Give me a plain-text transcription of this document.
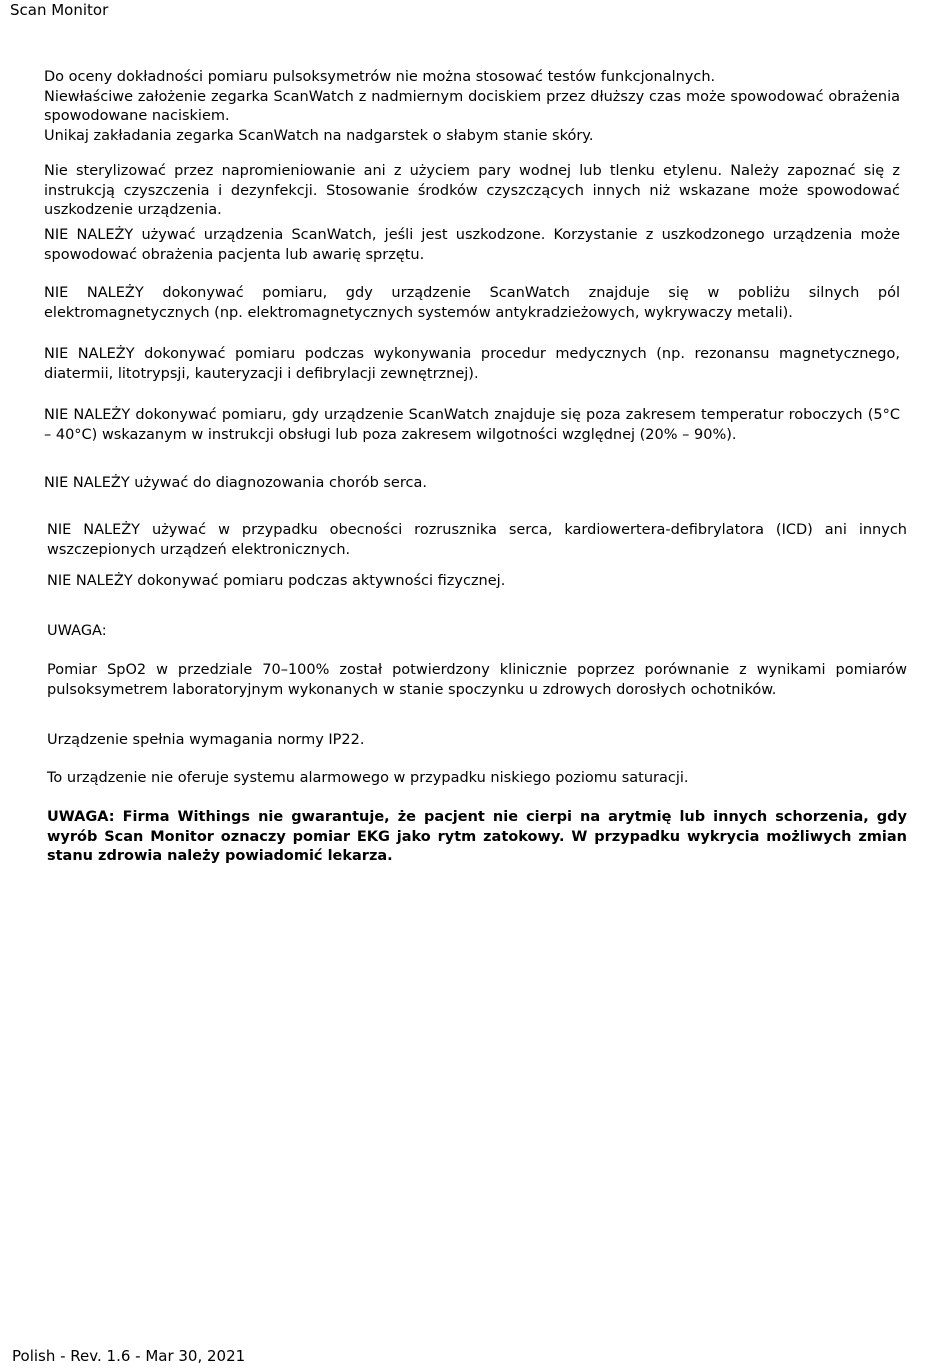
Scan Monitor

Do oceny dokładności pomiaru pulsoksymetrów nie można stosować testów funkcjonalnych.

Niewłaściwe założenie zegarka ScanWatch z nadmiernym dociskiem przez dłuższy czas może spowodować obrażenia spowodowane naciskiem.

Unikaj zakładania zegarka ScanWatch na nadgarstek o słabym stanie skóry.

Nie sterylizować przez napromieniowanie ani z użyciem pary wodnej lub tlenku etylenu. Należy zapoznać się z instrukcją czyszczenia i dezynfekcji. Stosowanie środków czyszczących innych niż wskazane może spowodować uszkodzenie urządzenia.

NIE NALEŻY używać urządzenia ScanWatch, jeśli jest uszkodzone. Korzystanie z uszkodzonego urządzenia może spowodować obrażenia pacjenta lub awarię sprzętu.

NIE NALEŻY dokonywać pomiaru, gdy urządzenie ScanWatch znajduje się w pobliżu silnych pól elektromagnetycznych (np. elektromagnetycznych systemów antykradzieżowych, wykrywaczy metali).

NIE NALEŻY dokonywać pomiaru podczas wykonywania procedur medycznych (np. rezonansu magnetycznego, diatermii, litotrypsji, kauteryzacji i defibrylacji zewnętrznej).

NIE NALEŻY dokonywać pomiaru, gdy urządzenie ScanWatch znajduje się poza zakresem temperatur roboczych (5°C – 40°C) wskazanym w instrukcji obsługi lub poza zakresem wilgotności względnej (20% – 90%).

NIE NALEŻY używać do diagnozowania chorób serca.

NIE NALEŻY używać w przypadku obecności rozrusznika serca, kardiowertera-defibrylatora (ICD) ani innych wszczepionych urządzeń elektronicznych.

NIE NALEŻY dokonywać pomiaru podczas aktywności fizycznej.

UWAGA:

Pomiar SpO2 w przedziale 70–100% został potwierdzony klinicznie poprzez porównanie z wynikami pomiarów pulsoksymetrem laboratoryjnym wykonanych w stanie spoczynku u zdrowych dorosłych ochotników.

Urządzenie spełnia wymagania normy IP22.

To urządzenie nie oferuje systemu alarmowego w przypadku niskiego poziomu saturacji.

UWAGA: Firma Withings nie gwarantuje, że pacjent nie cierpi na arytmię lub innych schorzenia, gdy wyrób Scan Monitor oznaczy pomiar EKG jako rytm zatokowy. W przypadku wykrycia możliwych zmian stanu zdrowia należy powiadomić lekarza.

Polish - Rev. 1.6 - Mar 30, 2021
